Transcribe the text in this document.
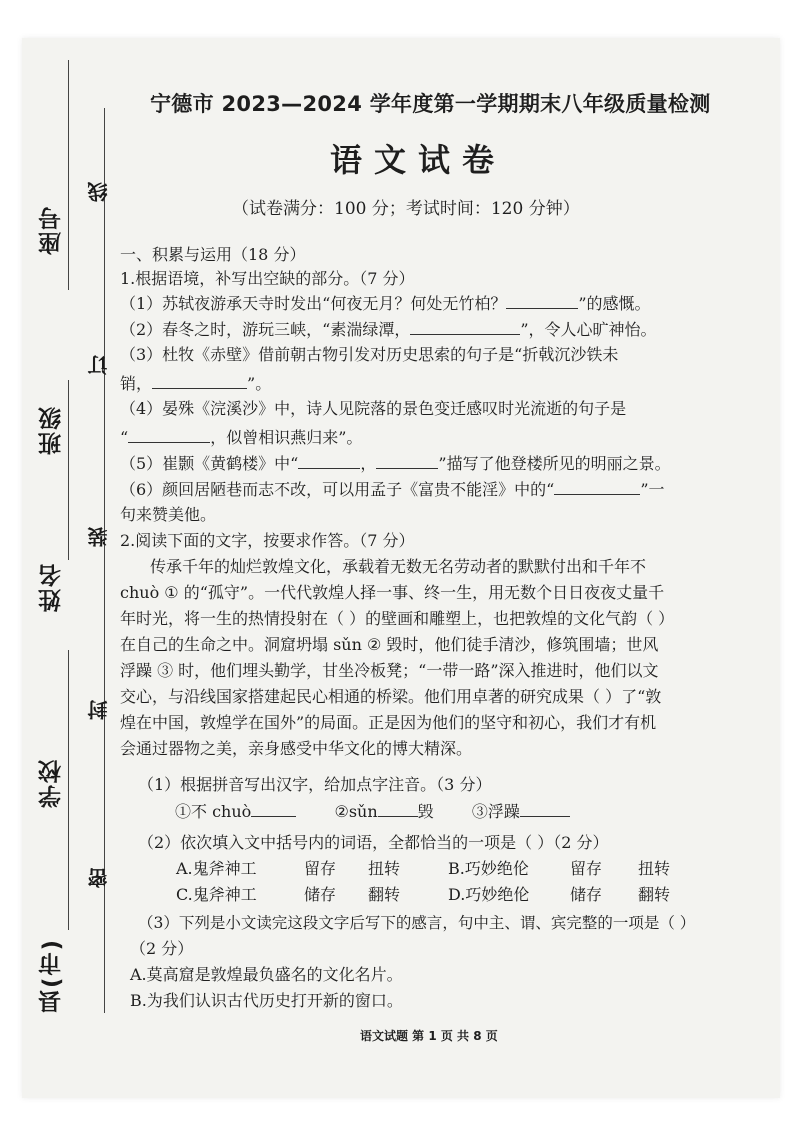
县(市)
学校
姓名
班级
座号
密
封
装
订
线
宁德市 2023—2024 学年度第一学期期末八年级质量检测
语文试卷
（试卷满分：100 分；考试时间：120 分钟）
一、积累与运用（18 分）
1.根据语境，补写出空缺的部分。（7 分）
（1）苏轼夜游承天寺时发出“何夜无月？何处无竹柏？	”的感慨。
（2）春冬之时，游玩三峡，“素湍绿潭，	”，令人心旷神怡。
（3）杜牧《赤壁》借前朝古物引发对历史思索的句子是“折戟沉沙铁未
销，	”。
（4）晏殊《浣溪沙》中，诗人见院落的景色变迁感叹时光流逝的句子是
“	，似曾相识燕归来”。
（5）崔颢《黄鹤楼》中“	，	”描写了他登楼所见的明丽之景。
（6）颜回居陋巷而志不改，可以用孟子《富贵不能淫》中的“	”一
句来赞美他。
2.阅读下面的文字，按要求作答。（7 分）
传承千年的灿烂敦煌文化，承载着无数无名劳动者的默默付出和千年不
chuò ① 的“孤守”。一代代敦煌人择一事、终一生，用无数个日日夜夜丈量千
年时光，将一生的热情投射在（ ）的壁画和雕塑上，也把敦煌的文化气韵（ ）
在自己的生命之中。洞窟坍塌 sǔn ② 毁时，他们徒手清沙，修筑围墙；世风
浮躁 ③ 时，他们埋头勤学，甘坐冷板凳；“一带一路”深入推进时，他们以文
交心，与沿线国家搭建起民心相通的桥梁。他们用卓著的研究成果（ ）了“敦
煌在中国，敦煌学在国外”的局面。正是因为他们的坚守和初心，我们才有机
会通过器物之美，亲身感受中华文化的博大精深。
（1）根据拼音写出汉字，给加点字注音。（3 分）
①不 chuò	②sǔn	毁 ③浮躁
（2）依次填入文中括号内的词语，全都恰当的一项是（ ）（2 分）
A.鬼斧神工	留存 扭转	B.巧妙绝伦	留存 扭转
C.鬼斧神工	储存 翻转	D.巧妙绝伦	储存 翻转
（3）下列是小文读完这段文字后写下的感言，句中主、谓、宾完整的一项是（ ）
（2 分）
A.莫高窟是敦煌最负盛名的文化名片。
B.为我们认识古代历史打开新的窗口。
语文试题 第 1 页 共 8 页
